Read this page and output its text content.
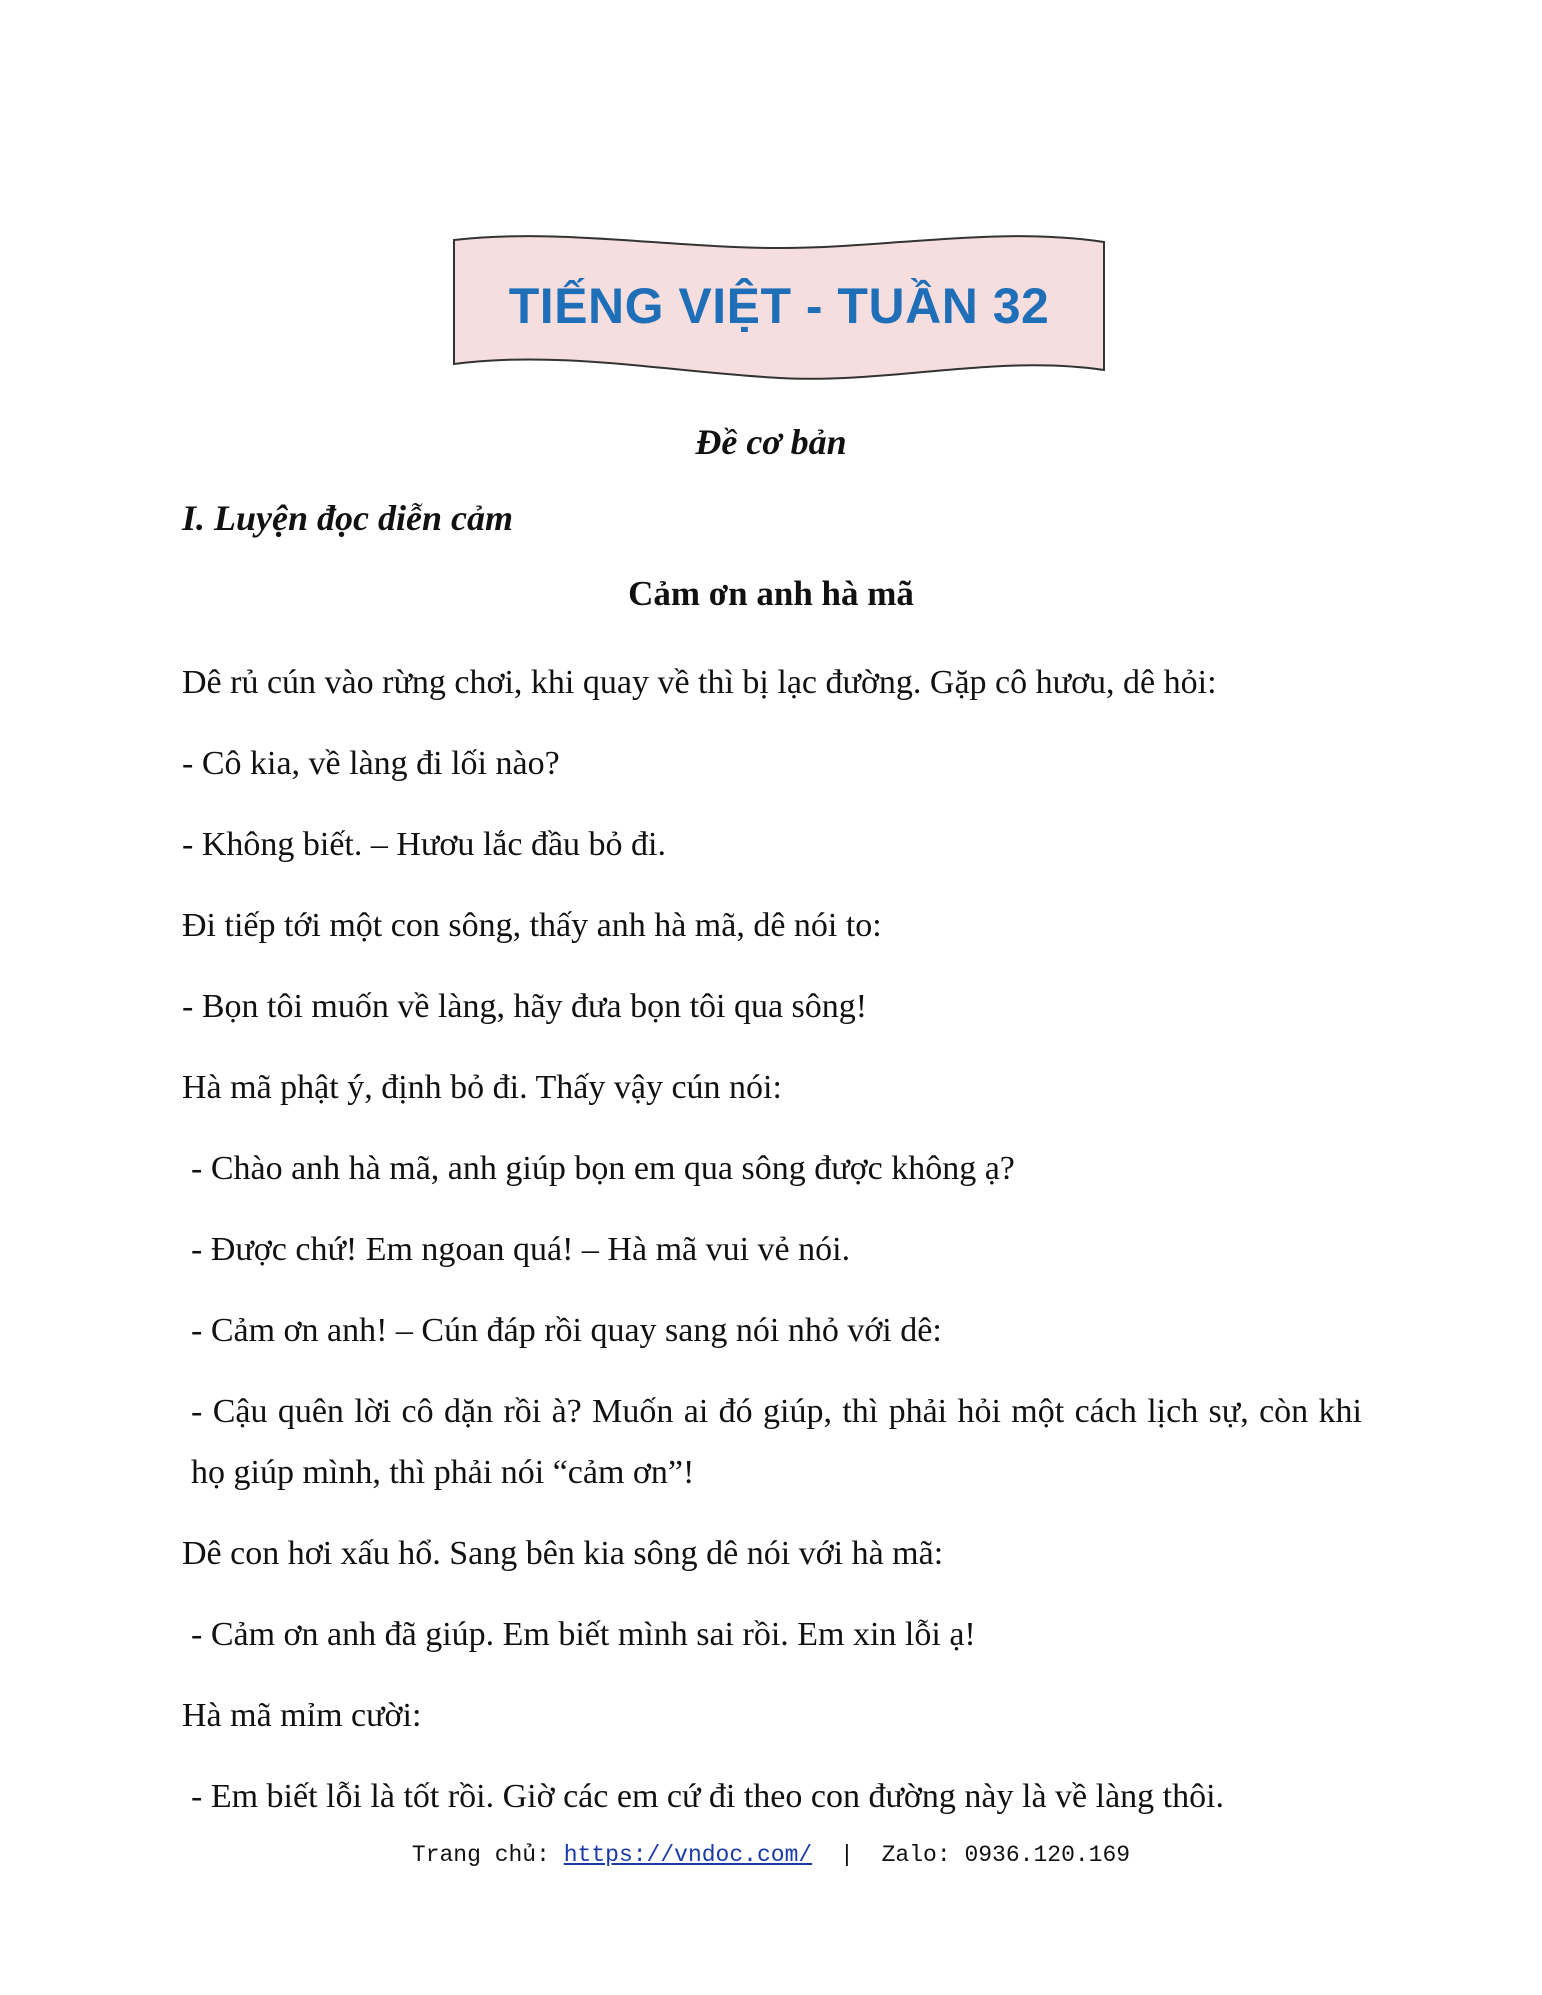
TIẾNG VIỆT - TUẦN 32
Đề cơ bản
I. Luyện đọc diễn cảm
Cảm ơn anh hà mã

Dê rủ cún vào rừng chơi, khi quay về thì bị lạc đường. Gặp cô hươu, dê hỏi:

- Cô kia, về làng đi lối nào?

- Không biết. – Hươu lắc đầu bỏ đi.

Đi tiếp tới một con sông, thấy anh hà mã, dê nói to:

- Bọn tôi muốn về làng, hãy đưa bọn tôi qua sông!

Hà mã phật ý, định bỏ đi. Thấy vậy cún nói:

- Chào anh hà mã, anh giúp bọn em qua sông được không ạ?

- Được chứ! Em ngoan quá! – Hà mã vui vẻ nói.

- Cảm ơn anh! – Cún đáp rồi quay sang nói nhỏ với dê:

- Cậu quên lời cô dặn rồi à? Muốn ai đó giúp, thì phải hỏi một cách lịch sự, còn khi họ giúp mình, thì phải nói “cảm ơn”!

Dê con hơi xấu hổ. Sang bên kia sông dê nói với hà mã:

- Cảm ơn anh đã giúp. Em biết mình sai rồi. Em xin lỗi ạ!

Hà mã mỉm cười:

- Em biết lỗi là tốt rồi. Giờ các em cứ đi theo con đường này là về làng thôi.

Trang chủ: https://vndoc.com/ | Zalo: 0936.120.169
